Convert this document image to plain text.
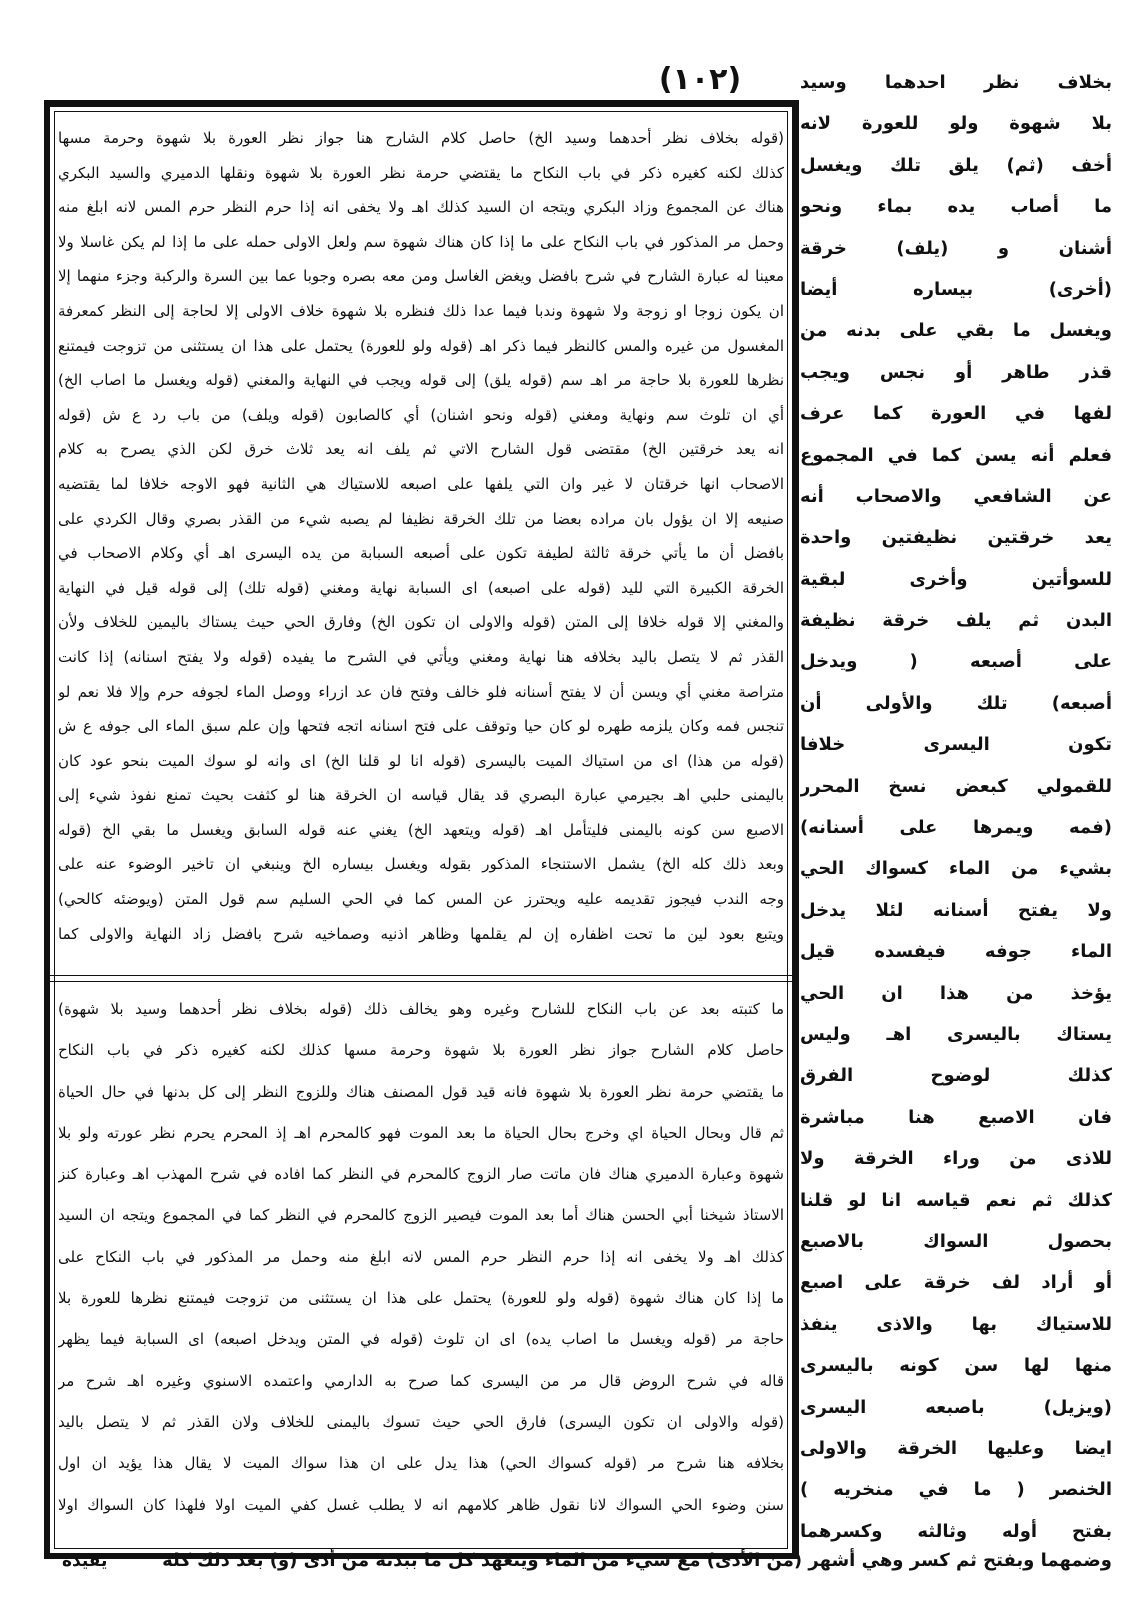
(١٠٢)	بخلاف نظر احدهما وسيد
بلا شهوة ولو للعورة لانه
أخف (ثم) يلق تلك ويغسل
ما أصاب يده بماء ونحو
أشنان و (يلف) خرقة
(أخرى) بيساره أيضا
ويغسل ما بقي على بدنه من
قذر طاهر أو نجس ويجب
لفها في العورة كما عرف
فعلم أنه يسن كما في المجموع
عن الشافعي والاصحاب أنه
يعد خرقتين نظيفتين واحدة
للسوأتين وأخرى لبقية
البدن ثم يلف خرقة نظيفة
على أصبعه ( ويدخل
أصبعه) تلك والأولى أن
تكون اليسرى خلافا
للقمولي كبعض نسخ المحرر
(فمه ويمرها على أسنانه)
بشيء من الماء كسواك الحي
ولا يفتح أسنانه لئلا يدخل
الماء جوفه فيفسده قيل
يؤخذ من هذا ان الحي
يستاك باليسرى اهـ وليس
كذلك لوضوح الفرق
فان الاصبع هنا مباشرة
للاذى من وراء الخرقة ولا
كذلك ثم نعم قياسه انا لو قلنا
بحصول السواك بالاصبع
أو أراد لف خرقة على اصبع
للاستياك بها والاذى ينفذ
منها لها سن كونه باليسرى
(ويزيل) باصبعه اليسرى
ايضا وعليها الخرقة والاولى
الخنصر ( ما في منخريه )
بفتح أوله وثالثه وكسرهما
(قوله بخلاف نظر أحدهما وسيد الخ) حاصل كلام الشارح هنا جواز نظر العورة بلا شهوة وحرمة مسها
كذلك لكنه كغيره ذكر في باب النكاح ما يقتضي حرمة نظر العورة بلا شهوة ونقلها الدميري والسيد البكري
هناك عن المجموع وزاد البكري ويتجه ان السيد كذلك اهـ ولا يخفى انه إذا حرم النظر حرم المس لانه ابلغ منه
وحمل مر المذكور في باب النكاح على ما إذا كان هناك شهوة سم ولعل الاولى حمله على ما إذا لم يكن غاسلا ولا
معينا له عبارة الشارح في شرح بافضل ويغض الغاسل ومن معه بصره وجوبا عما بين السرة والركبة وجزء منهما إلا
ان يكون زوجا او زوجة ولا شهوة وندبا فيما عدا ذلك فنظره بلا شهوة خلاف الاولى إلا لحاجة إلى النظر كمعرفة
المغسول من غيره والمس كالنظر فيما ذكر اهـ (قوله ولو للعورة) يحتمل على هذا ان يستثنى من تزوجت فيمتنع
نظرها للعورة بلا حاجة مر اهـ سم (قوله يلق) إلى قوله ويجب في النهاية والمغني (قوله ويغسل ما اصاب الخ)
أي ان تلوث سم ونهاية ومغني (قوله ونحو اشنان) أي كالصابون (قوله ويلف) من باب رد ع ش (قوله
انه يعد خرقتين الخ) مقتضى قول الشارح الاتي ثم يلف انه يعد ثلاث خرق لكن الذي يصرح به كلام
الاصحاب انها خرقتان لا غير وان التي يلفها على اصبعه للاستياك هي الثانية فهو الاوجه خلافا لما يقتضيه
صنيعه إلا ان يؤول بان مراده بعضا من تلك الخرقة نظيفا لم يصبه شيء من القذر بصري وقال الكردي على
بافضل أن ما يأتي خرقة ثالثة لطيفة تكون على أصبعه السبابة من يده اليسرى اهـ أي وكلام الاصحاب في
الخرقة الكبيرة التي لليد (قوله على اصبعه) اى السبابة نهاية ومغني (قوله تلك) إلى قوله قيل في النهاية
والمغني إلا قوله خلافا إلى المتن (قوله والاولى ان تكون الخ) وفارق الحي حيث يستاك باليمين للخلاف ولأن
القذر ثم لا يتصل باليد بخلافه هنا نهاية ومغني ويأتي في الشرح ما يفيده (قوله ولا يفتح اسنانه) إذا كانت
متراصة مغني أي ويسن أن لا يفتح أسنانه فلو خالف وفتح فان عد ازراء ووصل الماء لجوفه حرم وإلا فلا نعم لو
تنجس فمه وكان يلزمه طهره لو كان حيا وتوقف على فتح اسنانه اتجه فتحها وإن علم سبق الماء الى جوفه ع ش
(قوله من هذا) اى من استياك الميت باليسرى (قوله انا لو قلنا الخ) اى وانه لو سوك الميت بنحو عود كان
باليمنى حلبي اهـ بجيرمي عبارة البصري قد يقال قياسه ان الخرقة هنا لو كثفت بحيث تمنع نفوذ شيء إلى
الاصبع سن كونه باليمنى فليتأمل اهـ (قوله ويتعهد الخ) يغني عنه قوله السابق ويغسل ما بقي الخ (قوله
وبعد ذلك كله الخ) يشمل الاستنجاء المذكور بقوله ويغسل بيساره الخ وينبغي ان تاخير الوضوء عنه على
وجه الندب فيجوز تقديمه عليه ويحترز عن المس كما في الحي السليم سم قول المتن (ويوضئه كالحي)
ويتبع بعود لين ما تحت اظفاره إن لم يقلمها وظاهر اذنيه وصماخيه شرح بافضل زاد النهاية والاولى كما
ما كتبته بعد عن باب النكاح للشارح وغيره وهو يخالف ذلك (قوله بخلاف نظر أحدهما وسيد بلا شهوة)
حاصل كلام الشارح جواز نظر العورة بلا شهوة وحرمة مسها كذلك لكنه كغيره ذكر في باب النكاح
ما يقتضي حرمة نظر العورة بلا شهوة فانه قيد قول المصنف هناك وللزوج النظر إلى كل بدنها في حال الحياة
ثم قال وبحال الحياة اي وخرج بحال الحياة ما بعد الموت فهو كالمحرم اهـ إذ المحرم يحرم نظر عورته ولو بلا
شهوة وعبارة الدميري هناك فان ماتت صار الزوج كالمحرم في النظر كما افاده في شرح المهذب اهـ وعبارة كنز
الاستاذ شيخنا أبي الحسن هناك أما بعد الموت فيصير الزوج كالمحرم في النظر كما في المجموع ويتجه ان السيد
كذلك اهـ ولا يخفى انه إذا حرم النظر حرم المس لانه ابلغ منه وحمل مر المذكور في باب النكاح على
ما إذا كان هناك شهوة (قوله ولو للعورة) يحتمل على هذا ان يستثنى من تزوجت فيمتنع نظرها للعورة بلا
حاجة مر (قوله ويغسل ما اصاب يده) اى ان تلوث (قوله في المتن ويدخل اصبعه) اى السبابة فيما يظهر
قاله في شرح الروض قال مر من اليسرى كما صرح به الدارمي واعتمده الاسنوي وغيره اهـ شرح مر
(قوله والاولى ان تكون اليسرى) فارق الحي حيث تسوك باليمنى للخلاف ولان القذر ثم لا يتصل باليد
بخلافه هنا شرح مر (قوله كسواك الحي) هذا يدل على ان هذا سواك الميت لا يقال هذا يؤيد ان اول
سنن وضوء الحي السواك لانا نقول ظاهر كلامهم انه لا يطلب غسل كفي الميت اولا فلهذا كان السواك اولا
وضمهما وبفتح ثم كسر وهي أشهر (من الأذى) مع شيء من الماء ويتعهد كل ما ببدنه من أذى (و) بعد ذلك كله
يفيده
